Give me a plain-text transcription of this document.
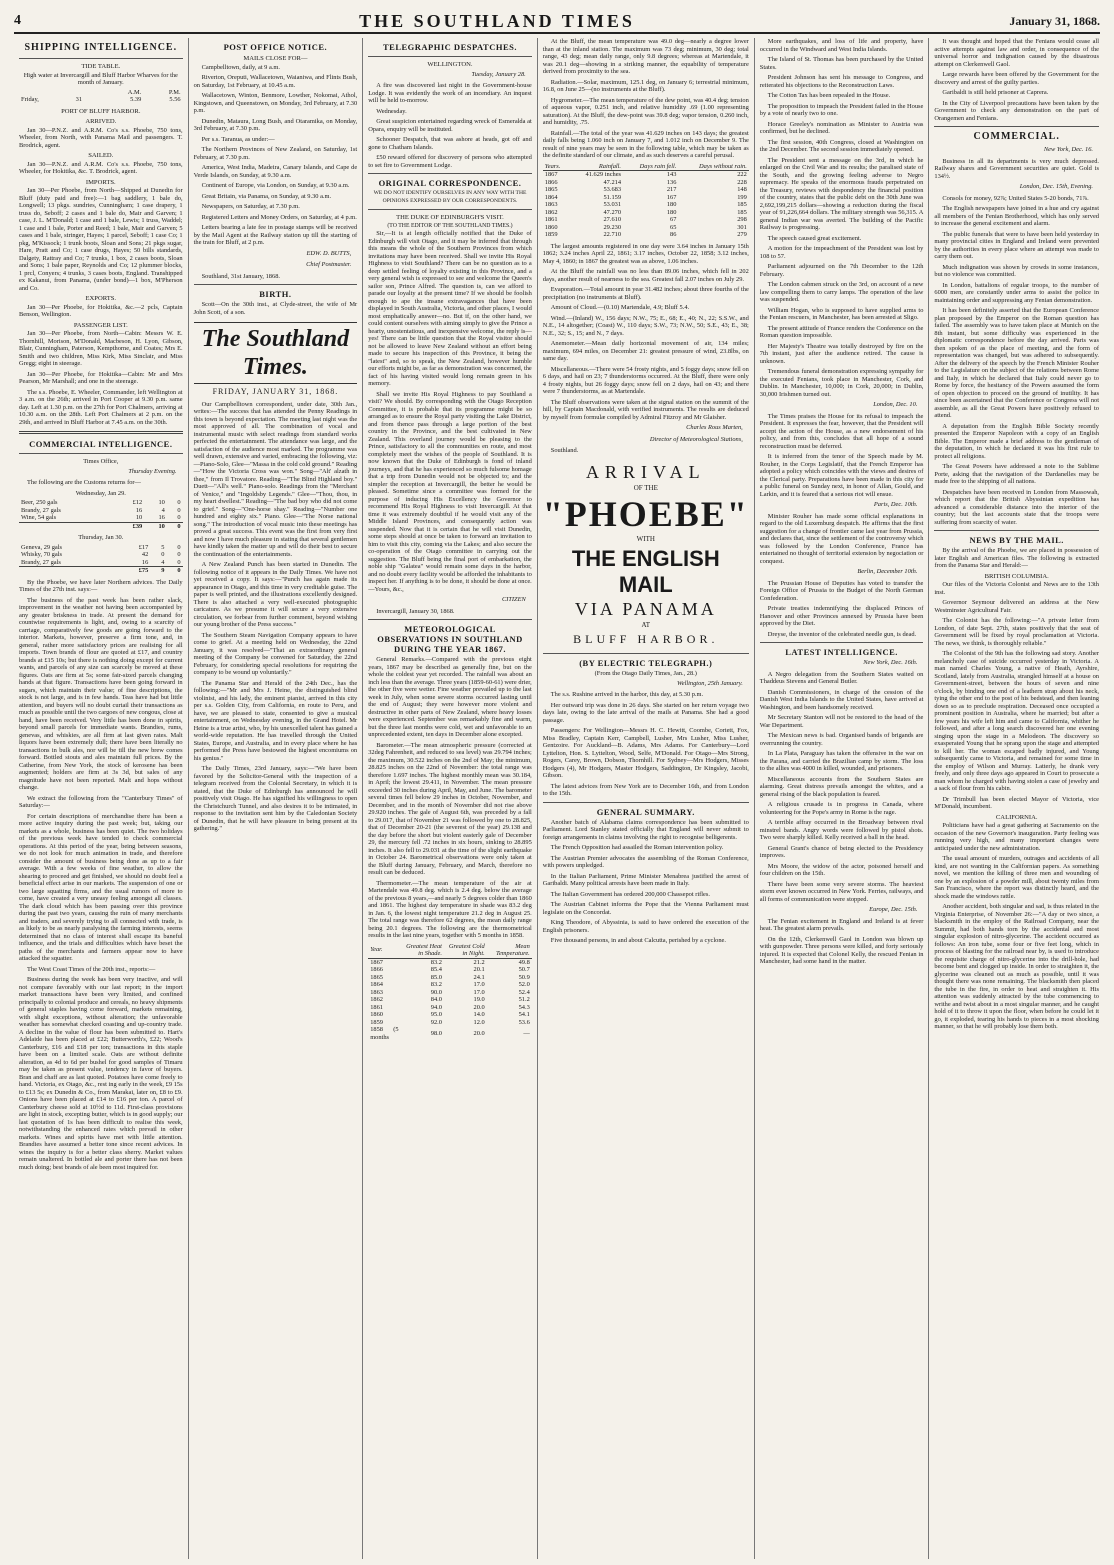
4	THE SOUTHLAND TIMES	January 31, 1868.
SHIPPING INTELLIGENCE.
TIDE TABLE.
High water at Invercargill and Bluff Harbor Wharves for the month of January.
		A.M.	P.M.
Friday,	31	5.39	5.56
PORT OF BLUFF HARBOR.
ARRIVED.

Jan 30—P.N.Z. and A.R.M. Co's s.s. Phoebe, 750 tons, Wheeler, from North, with Panama Mail and passengers. T. Brodrick, agent.

SAILED.

Jan 30—P.N.Z. and A.R.M. Co's s.s. Phoebe, 750 tons, Wheeler, for Hokitika, &c. T. Brodrick, agent.

IMPORTS.

Jan 30—Per Phoebe, from North—Shipped at Dunedin for Bluff (duty paid and free):—1 bag saddlery, 1 bale do, Longwell; 13 pkgs. sundries, Cunningham; 1 case drapery, 1 truss do, Seboff; 2 cases and 1 bale do, Mair and Garven; 1 case, J. L. M'Donald; 1 case and 1 bale, Lewis; 1 truss, Waddel; 1 case and 1 bale, Porter and Reed; 1 bale, Mair and Garven; 5 cases and 1 bale, stringer, Hayes; 1 parcel, Seboff; 1 case Co; 1 pkg, M'Kissock; 1 trunk boots, Sloan and Sons; 21 pkgs sugar, Hare, Pratt and Co; 1 case drugs, Hayes; 50 bills standards, Dalgety, Rattray and Co; 7 trunks, 1 box, 2 cases boots, Sloan and Sons; 1 bale paper, Reynolds and Co; 12 plummer blocks, 1 prcl, Conyers; 4 trunks, 3 cases boots, England. Transhipped ex Kakanui, from Panama, (under bond)—1 box, M'Pherson and Co.

EXPORTS.

Jan 30—Per Phoebe, for Hokitika, &c.—2 pcls, Captain Benson, Wellington.

PASSENGER LIST.

Jan 30—Per Phoebe, from North—Cabin: Messrs W. E. Thornhill, Morison, M'Donald, Macbeson, H. Lyon, Gibson, Blair, Cunningham, Paterson, Kempthorne, and Coates; Mrs E. Smith and two children, Miss Kirk, Miss Sinclair, and Miss Gregg; eight in steerage.

Jan 30—Per Phoebe, for Hokitika—Cabin: Mr and Mrs Pearson, Mr Marshall; and one in the steerage.

The s.s. Phoebe, E. Wheeler, Commander, left Wellington at 3 a.m. on the 26th; arrived in Port Cooper at 9.30 p.m. same day. Left at 1.30 p.m. on the 27th for Port Chalmers, arriving at 10.30 a.m. on the 28th. Left Port Chalmers at 2 p.m. on the 29th, and arrived in Bluff Harbor at 7.45 a.m. on the 30th.

COMMERCIAL INTELLIGENCE.
Times Office,
Thursday Evening.
The following are the Customs returns for—
Wednesday, Jan 29.
Beer, 250 gals	£12	10	0
Brandy, 27 gals	16	4	0
Wine, 54 gals	10	16	0
	£39	10	0
Thursday, Jan 30.
Geneva, 29 gals	£17	5	0
Whisky, 70 gals	42	0	0
Brandy, 27 gals	16	4	0
	£75	9	0

By the Phoebe, we have later Northern advices. The Daily Times of the 27th inst. says:—

The business of the past week has been rather slack, improvement in the weather not having been accompanied by any greater briskness in trade. At present the demand for countwise requirements is light, and, owing to a scarcity of carriage, comparatively few goods are going forward to the interior. Markets, however, preserve a firm tone, and, in general, rather more satisfactory prices are realising for all imports. Town brands of flour are quoted at £17, and country brands at £15 10s; but there is nothing doing except for current wants, and parcels of any size can scarcely be moved at these figures. Oats are firm at 5s; some fair-sized parcels changing hands at that figure. Transactions have been going forward in sugars, which maintain their value; of fine descriptions, the stock is not large, and is in few hands. Teas have had but little attention, and buyers will no doubt curtail their transactions as much as possible until the two cargoes of new congous, close at hand, have been received. Very little has been done in spirits, beyond small parcels for immediate wants. Brandies, rums, genevas, and whiskies, are all firm at last given rates. Malt liquors have been extremely dull; there have been literally no transactions in bulk ales, nor will be till the new brew comes forward. Bottled stouts and ales maintain full prices. By the Catherine, from New York, the stock of kerosene has been augmented; holders are firm at 3s 3d, but sales of any magnitude have not been reported. Malt and hops without change.

We extract the following from the "Canterbury Times" of Saturday:—

For certain descriptions of merchandise there has been a more active inquiry during the past week; but, taking our markets as a whole, business has been quiet. The two holidays of the previous week have tended to check commercial operations. At this period of the year, being between seasons, we do not look for much animation in trade, and therefore consider the amount of business being done as up to a fair average. With a few weeks of fine weather, to allow the shearing to proceed and get finished, we should no doubt feel a beneficial effect arise in our markets. The suspension of one or two large squatting firms, and the usual rumors of more to come, have created a very uneasy feeling amongst all classes. The dark cloud which has been passing over this province during the past two years, causing the ruin of many merchants and traders, and severely trying to all connected with trade, is as likely to be as nearly paralysing the farming interests, seems determined that no class of interest shall escape its baneful influence, and the trials and difficulties which have beset the paths of the merchants and farmers appear now to have attacked the squatter.

The West Coast Times of the 20th inst., reports:—

Business during the week has been very inactive, and will not compare favorably with our last report; in the import market transactions have been very limited, and confined principally to colonial produce and cereals, no heavy shipments of general staples having come forward, markets remaining, with slight exceptions, without alteration; the unfavorable weather has somewhat checked coasting and up-country trade. A decline in the value of flour has been submitted to. Hart's Adelaide has been placed at £22; Butterworth's, £22; Wood's Canterbury, £16 and £18 per ton; transactions in this staple have been on a limited scale. Oats are without definite alteration, as 4d to 6d per bushel for good samples of Timaru may be taken as present value, tendency in favor of buyers. Bran and chaff are as last quoted. Potatoes have come freely to hand. Victoria, ex Otago, &c., rest ing early in the week, £9 15s to £13 5s; ex Dunedin & Co., from Marakai, later on, £8 to £9. Onions have been placed at £14 to £16 per ton. A parcel of Canterbury cheese sold at 10½d to 11d. First-class provisions are light in stock, excepting butter, which is in good supply; our last quotation of 1s has been difficult to realise this week, notwithstanding the enhanced rates which prevail in other markets. Wines and spirits have met with little attention. Brandies have assumed a better tone since recent advices. In wines the inquiry is for a better class sherry. Market values remain unaltered. In bottled ale and porter there has not been much doing; best brands of ale been most inquired for.

POST OFFICE NOTICE.
MAILS CLOSE FOR—

Campbelltown, daily, at 9 a.m.

Riverton, Oreputi, Wallacetown, Waianiwa, and Flints Bush, on Saturday, 1st February, at 10.45 a.m.

Wallacetown, Winton, Benmore, Lowther, Nokomai, Athol, Kingstown, and Queenstown, on Monday, 3rd February, at 7.30 p.m.

Dunedin, Mataura, Long Bush, and Otaramika, on Monday, 3rd February, at 7.30 p.m.

Per s.s. Taranua, as under:—

The Northern Provinces of New Zealand, on Saturday, 1st February, at 7.30 p.m.

America, West India, Madeira, Canary Islands, and Cape de Verde Islands, on Sunday, at 9.30 a.m.

Continent of Europe, via London, on Sunday, at 9.30 a.m.

Great Britain, via Panama, on Sunday, at 9.30 a.m.

Newspapers, on Saturday, at 7.30 p.m.

Registered Letters and Money Orders, on Saturday, at 4 p.m.

Letters bearing a late fee in postage stamps will be received by the Mail Agent at the Railway station up till the starting of the train for Bluff, at 2 p.m.

EDW. D. BUTTS,
Chief Postmaster.
Southland, 31st January, 1868.
BIRTH.
Scott—On the 30th inst., at Clyde-street, the wife of Mr John Scott, of a son.
The Southland Times.
FRIDAY, JANUARY 31, 1868.

Our Campbelltown correspondent, under date, 30th Jan., writes:—The success that has attended the Penny Readings in this town is beyond expectation. The meeting last night was the most approved of all. The combination of vocal and instrumental music with select readings from standard works perfected the entertainment. The attendance was large, and the satisfaction of the audience most marked. The programme was well drawn, extensive and varied, embracing the following, viz:—Piano-Solo, Glee—"Massa in the cold cold ground." Reading—"How the Victoria Cross was won." Song—"Alt' alzath in thee," from Il Trovatore. Reading—"The Blind Highland boy." Duett—"All's well." Piano-solo. Readings from the "Merchant of Venice," and "Ingoldsby Legends." Glee—"Thou, thou, in my heart dwellest." Reading—"The bad boy who did not come to grief." Song—"One-horse shay." Reading—"Number one hundred and eighty six." Piano. Glee—"The Norse national song." The introduction of vocal music into these meetings has proved a great success. This event was the first from very first and now I have much pleasure in stating that several gentlemen have kindly taken the matter up and will do their best to secure the continuation of the entertainments.

A New Zealand Punch has been started in Dunedin. The following notice of it appears in the Daily Times. We have not yet received a copy. It says:—"Punch has again made its appearance in Otago, and this time in very creditable guise. The paper is well printed, and the illustrations excellently designed. There is also attached a very well-executed photographic caricature. As we presume it will secure a very extensive circulation, we forbear from further comment, beyond wishing our young brother of the Press success."

The Southern Steam Navigation Company appears to have come to grief. At a meeting held on Wednesday, the 22nd January, it was resolved—"That an extraordinary general meeting of the Company be convened for Saturday, the 22nd February, for considering special resolutions for requiring the company to be wound up voluntarily."

The Panama Star and Herald of the 24th Dec., has the following:—"Mr and Mrs J. Heine, the distinguished blind violinist, and his lady, the eminent pianist, arrived in this city per s.s. Golden City, from California, en route to Peru, and have, we are pleased to state, consented to give a musical entertainment, on Wednesday evening, in the Grand Hotel. Mr Heine is a true artist, who, by his unexcelled talent has gained a world-wide reputation. He has travelled through the United States, Europe, and Australia, and in every place where he has performed the Press have bestowed the highest encomiums on his genius."

The Daily Times, 23rd January, says:—"We have been favored by the Solicitor-General with the inspection of a telegram received from the Colonial Secretary, in which it is stated, that the Duke of Edinburgh has announced he will positively visit Otago. He has signified his willingness to open the Christchurch Tunnel, and also desires it to be intimated, in response to the invitation sent him by the Caledonian Society of Dunedin, that he will have pleasure in being present at its gathering."

TELEGRAPHIC DESPATCHES.
WELLINGTON.
Tuesday, January 28.

A fire was discovered last night in the Government-house Lodge. It was evidently the work of an incendiary. An inquest will be held to-morrow.

Wednesday.

Great suspicion entertained regarding wreck of Esmeralda at Opara, enquiry will be instituted.

Schooner Despatch, that was ashore at heads, got off and gone to Chatham Islands.

£50 reward offered for discovery of persons who attempted to set fire to Government Lodge.

ORIGINAL CORRESPONDENCE.
WE DO NOT IDENTIFY OURSELVES IN ANY WAY WITH THE OPINIONS EXPRESSED BY OUR CORRESPONDENTS.
THE DUKE OF EDINBURGH'S VISIT.
(TO THE EDITOR OF THE SOUTHLAND TIMES.)

Sir,—It is at length officially notified that the Duke of Edinburgh will visit Otago, and it may be inferred that through this means the whole of the Southern Provinces from which invitations may have been received. Shall we invite His Royal Highness to visit Southland? There can be no question as to a deep settled feeling of loyalty existing in this Province, and a very general wish is expressed to see and welcome the Queen's sailor son, Prince Alfred. The question is, can we afford to parade our loyalty at the present time? If we should be foolish enough to ape the insane extravagances that have been displayed in South Australia, Victoria, and other places, I would most emphatically answer—no. But if, on the other hand, we could content ourselves with aiming simply to give the Prince a hearty, unostentatious, and inexpensive welcome, the reply is—yes! There can be little question that the Royal visitor should not be allowed to leave New Zealand without an effort being made to secure his inspection of this Province, it being the "latest" and, so to speak, the New Zealand, however humble our efforts might be, as far as demonstration was concerned, the fact of his having visited would long remain green in his memory.

Shall we invite His Royal Highness to pay Southland a visit? We should. By corresponding with the Otago Reception Committee, it is probable that its programme might be so arranged as to ensure the Royal party visiting the Lake District, and from thence pass through a large portion of the best country in the Province, and the best cultivated in New Zealand. This overland journey would be pleasing to the Prince, satisfactory to all the communities en route, and most completely meet the wishes of the people of Southland. It is now known that the Duke of Edinburgh is fond of inland journeys, and that he has experienced so much fulsome homage that a trip from Dunedin would not be objected to; and the simpler the reception at Invercargill, the better he would be pleased. Sometime since a committee was formed for the purpose of inducing His Excellency the Governor to recommend His Royal Highness to visit Invercargill. At that time it was extremely doubtful if he would visit any of the Middle Island Provinces, and consequently action was suspended. Now that it is certain that he will visit Dunedin, some steps should at once be taken to forward an invitation to him to visit this city, coming via the Lakes; and also secure the co-operation of the Otago committee in carrying out the suggestion. The Bluff being the final port of embarkation, the noble ship "Galatea" would remain some days in the harbor, and no doubt every facility would be afforded the inhabitants to inspect her. If anything is to be done, it should be done at once.—Yours, &c.,

CITIZEN
Invercargill, January 30, 1868.
METEOROLOGICAL OBSERVATIONS IN SOUTHLAND DURING THE YEAR 1867.

General Remarks.—Compared with the previous eight years, 1867 may be described as generally fine, but on the whole the coldest year yet recorded. The rainfall was about an inch less than the average. Three years (1859-60-61) were drier, the other five were wetter. Fine weather prevailed up to the last week in July, when some severe storms occurred lasting until the end of August; they were however more violent and destructive in other parts of New Zealand, where heavy losses were experienced. September was remarkably fine and warm, but the three last months were cold, wet and unfavorable to an unprecedented extent, ten days in December alone excepted.

Barometer.—The mean atmospheric pressure (corrected at 32deg Fahrenheit, and reduced to sea level) was 29.794 inches; the maximum, 30.522 inches on the 2nd of May; the minimum, 28.825 inches on the 22nd of November: the total range was therefore 1.697 inches. The highest monthly mean was 30.184, in April; the lowest 29.411, in November. The mean pressure exceeded 30 inches during April, May, and June. The barometer several times fell below 29 inches in October, November, and December, and in the month of November did not rise above 29.920 inches. The gale of August 6th, was preceded by a fall to 29.017, that of November 21 was followed by one to 28.825, that of December 20-21 (the severest of the year) 29.138 and the day before the short but violent easterly gale of December 29, the mercury fell .72 inches in six hours, sinking to 28.895 inches. It also fell to 29.031 at the time of the slight earthquake in October 24. Barometrical observations were only taken at the Bluff during January, February, and March, therefore no result can be deduced.

Thermometer.—The mean temperature of the air at Martendale was 49.8 deg. which is 2.4 deg. below the average of the previous 8 years,—and nearly 5 degrees colder than 1860 and 1861. The highest day temperature in shade was 83.2 deg in Jan. 6, the lowest night temperature 21.2 deg in August 25. The total range was therefore 62 degrees, the mean daily range being 20.1 degrees. The following are the thermometrical results in the last nine years, together with 5 months in 1858.

Year.	Greatest Heat in Shade.	Greatest Cold in Night.	Mean Temperature.
1867	83.2	21.2	49.8
1866	85.4	20.1	50.7
1865	85.0	24.1	50.9
1864	83.2	17.0	52.0
1863	90.0	17.0	52.4
1862	84.0	19.0	51.2
1861	94.0	20.0	54.3
1860	95.0	14.0	54.1
1859	92.0	12.0	53.6
1858 (5 months	98.0	20.0	—

At the Bluff, the mean temperature was 49.0 deg—nearly a degree lower than at the inland station. The maximum was 73 deg; minimum, 30 deg; total range, 43 deg; mean daily range, only 9.8 degrees; whereas at Martendale, it was 20.1 deg—showing in a striking manner, the equability of temperature derived from proximity to the sea.

Radiation.—Solar, maximum, 125.1 deg, on January 6; terrestrial minimum, 16.8, on June 25—(no instruments at the Bluff).

Hygrometer.—The mean temperature of the dew point, was 40.4 deg; tension of aqueous vapor, 0.251 inch, and relative humidity .69 (1.00 representing saturation). At the Bluff, the dew-point was 39.8 deg; vapor tension, 0.260 inch, and humidity, .75.

Rainfall.—The total of the year was 41.629 inches on 143 days; the greatest daily falls being 1.060 inch on January 7, and 1.012 inch on December 9. The result of nine years may be seen in the following table, which may be taken as the definite standard of our climate, and as such deserves a careful perusal.

Years.	Rainfall.	Days rain fell.	Days without rain.
1867	41.629 inches	143	222
1866	47.214	136	228
1865	53.683	217	148
1864	51.159	167	199
1863	53.031	180	185
1862	47.270	180	185
1861	27.610	67	298
1860	29.230	65	301
1859	22.710	86	279

The largest amounts registered in one day were 3.64 inches in January 15th 1862; 3.24 inches April 22, 1861; 3.17 inches, October 22, 1858; 3.12 inches, May 4, 1860; in 1867 the greatest was as above, 1.06 inches.

At the Bluff the rainfall was no less than 89.06 inches, which fell in 202 days, another result of nearness to the sea. Greatest fall 2.07 inches on July 29.

Evaporation.—Total amount in year 31.482 inches; about three fourths of the precipitation (no instruments at Bluff).

Amount of Cloud.—(0.10) Martendale, 4.9; Bluff 5.4.

Wind.—(Inland) W., 156 days; N.W., 75; E., 68; E., 40; N., 22; S.S.W., and N.E., 14 altogether; (Coast) W., 110 days; S.W., 73; N.W., 50; S.E., 43; E., 38; N.E., 32; S., 15; and N., 7 days.

Anemometer.—Mean daily horizontal movement of air, 134 miles; maximum, 694 miles, on December 21: greatest pressure of wind, 23.8lbs, on same day.

Miscellaneous.—There were 54 frosty nights, and 5 foggy days; snow fell on 6 days, and hail on 23; 7 thunderstorms occurred. At the Bluff, there were only 4 frosty nights, but 26 foggy days; snow fell on 2 days, hail on 43; and there were 7 thunderstorms, as at Martendale.

The Bluff observations were taken at the signal station on the summit of the hill, by Captain Macdonald, with verified instruments. The results are deduced by myself from formulæ compiled by Admiral Fitzroy and Mr Glaisher.

Charles Rous Marten,
Director of Meteorological Stations,
Southland.
ARRIVAL
OF THE
"PHOEBE"
WITH
THE ENGLISH MAIL
VIA PANAMA
AT
BLUFF HARBOR.
(BY ELECTRIC TELEGRAPH.)
(From the Otago Daily Times, Jan., 28.)
Wellington, 25th January.

The s.s. Rushine arrived in the harbor, this day, at 5.30 p.m.

Her outward trip was done in 26 days. She started on her return voyage two days late, owing to the late arrival of the mails at Panama. She had a good passage.

Passengers: For Wellington—Messrs H. C. Hewitt, Coombe, Cortett, Fox, Miss Bradley, Captain Kerr, Campbell, Lusher, Mrs Lusher, Miss Lusher, Gentzoire. For Auckland—B. Adams, Mrs Adams. For Canterbury—Lord Lyttelton, Hon. S. Lyttelton, Wood, Selfe, M'Donald. For Otago—Mrs Strong, Rogers, Carey, Brown, Dobson, Thornhill. For Sydney—Mrs Hodgers, Misses Hodgers (4), Mr Hodgers, Master Hodgers, Saddington, Dr Kingsley, Jacobi, Gibson.

The latest advices from New York are to December 16th, and from London to the 15th.

GENERAL SUMMARY.

Another batch of Alabama claims correspondence has been submitted to Parliament. Lord Stanley stated officially that England will never submit to foreign arrangements in claims involving the right to recognise belligerents.

The French Opposition had assailed the Roman intervention policy.

The Austrian Premier advocates the assembling of the Roman Conference, with powers unpledged.

In the Italian Parliament, Prime Minister Menabrea justified the arrest of Garibaldi. Many political arrests have been made in Italy.

The Italian Government has ordered 200,000 Chassepot rifles.

The Austrian Cabinet informs the Pope that the Vienna Parliament must legislate on the Concordat.

King Theodore, of Abyssinia, is said to have ordered the execution of the English prisoners.

Five thousand persons, in and about Calcutta, perished by a cyclone.

More earthquakes, and loss of life and property, have occurred in the Windward and West India Islands.

The Island of St. Thomas has been purchased by the United States.

President Johnson has sent his message to Congress, and reiterated his objections to the Reconstruction Laws.

The Cotton Tax has been repealed in the House.

The proposition to impeach the President failed in the House by a vote of nearly two to one.

Horace Greeley's nomination as Minister to Austria was confirmed, but he declined.

The first session, 40th Congress, closed at Washington on the 2nd December. The second session immediately opened.

The President sent a message on the 3rd, in which he enlarged on the Civil War and its results; the paralised state of the South, and the growing feeling adverse to Negro supremacy. He speaks of the enormous frauds perpetrated on the Treasury, reviews with despondency the financial position of the country, states that the public debt on the 30th June was 2,692,199,215 dollars—showing a reduction during the fiscal year of 91,226,664 dollars. The military strength was 56,315. A general Indian war was averted. The building of the Pacific Railway is progressing.

The speech caused great excitement.

A motion for the impeachment of the President was lost by 108 to 57.

Parliament adjourned on the 7th December to the 12th February.

The London cabmen struck on the 3rd, on account of a new law compelling them to carry lamps. The operation of the law was suspended.

William Hogan, who is supposed to have supplied arms to the Fenian rescuers, in Manchester, has been arrested at Sligo.

The present attitude of France renders the Conference on the Roman question impossible.

Her Majesty's Theatre was totally destroyed by fire on the 7th instant, just after the audience retired. The cause is unknown.

Tremendous funeral demonstration expressing sympathy for the executed Fenians, took place in Manchester, Cork, and Dublin. In Manchester, 10,000; in Cork, 20,000; in Dublin, 30,000 Irishmen turned out.

London, Dec. 10.

The Times praises the House for its refusal to impeach the President. It expresses the fear, however, that the President will accept the action of the House, as a new endorsement of his policy, and from this, concludes that all hope of a sound reconstruction must be deferred.

It is inferred from the tenor of the Speech made by M. Rouher, in the Corps Legislatif, that the French Emperor has adopted a policy which coincides with the views and desires of the Clerical party. Preparations have been made in this city for a public funeral on Sunday next, in honor of Allan, Gould, and Larkin, and it is feared that a serious riot will ensue.

Paris, Dec. 10th.

Minister Rouher has made some official explanations in regard to the old Luxemburg despatch. He affirms that the first suggestion for a change of frontier came last year from Prussia, and declares that, since the settlement of the controversy which was followed by the London Conference, France has entertained no thought of territorial extension by negociation or conquest.

Berlin, December 10th.

The Prussian House of Deputies has voted to transfer the Foreign Office of Prussia to the Budget of the North German Confederation.

Private treaties indemnifying the displaced Princes of Hanover and other Provinces annexed by Prussia have been approved by the Diet.

Dreyse, the inventor of the celebrated needle gun, is dead.

LATEST INTELLIGENCE.
New York, Dec. 16th.

A Negro delegation from the Southern States waited on Thaddeus Stevens and General Butler.

Danish Commissioners, in charge of the cession of the Danish West India Islands to the United States, have arrived at Washington, and been handsomely received.

Mr Secretary Stanton will not be restored to the head of the War Department.

The Mexican news is bad. Organised bands of brigands are overrunning the country.

In La Plata, Paraguay has taken the offensive in the war on the Parana, and carried the Brazilian camp by storm. The loss to the allies was 4000 in killed, wounded, and prisoners.

Miscellaneous accounts from the Southern States are alarming. Great distress prevails amongst the whites, and a general rising of the black population is feared.

A religious crusade is in progress in Canada, where volunteering for the Pope's army in Rome is the rage.

A terrible affray occurred in the Broadway between rival minstrel bands. Angry words were followed by pistol shots. Two were sharply killed. Kelly received a ball in the head.

General Grant's chance of being elected to the Presidency improves.

Mrs Moore, the widow of the actor, poisoned herself and four children on the 15th.

There have been some very severe storms. The heaviest storm ever known occurred in New York. Ferries, railways, and all forms of communication were stopped.

Europe, Dec. 15th.

The Fenian excitement in England and Ireland is at fever heat. The greatest alarm prevails.

On the 12th, Clerkenwell Gaol in London was blown up with gunpowder. Three persons were killed, and forty seriously injured. It is expected that Colonel Kelly, the rescued Fenian in Manchester, had some hand in the matter.

It was thought and hoped that the Fenians would cease all active attempts against law and order, in consequence of the universal horror and indignation caused by the disastrous attempt on Clerkenwell Gaol.

Large rewards have been offered by the Government for the discovery and arrest of the guilty parties.

Garibaldi is still held prisoner at Caprera.

In the City of Liverpool precautions have been taken by the Government to check any demonstration on the part of Orangemen and Fenians.

COMMERCIAL.
New York, Dec. 16.

Business in all its departments is very much depressed. Railway shares and Government securities are quiet. Gold is 134½.

London, Dec. 15th, Evening.

Consols for money, 92⅞; United States 5-20 bonds, 71⅞.

The English newspapers have joined in a hue and cry against all members of the Fenian Brotherhood, which has only served to increase the general excitement and alarm.

The public funerals that were to have been held yesterday in many provincial cities in England and Ireland were prevented by the authorities in every place where an attempt was made to carry them out.

Much indignation was shown by crowds in some instances, but no violence was committed.

In London, battalions of regular troops, to the number of 6000 men, are constantly under arms to assist the police in maintaining order and suppressing any Fenian demonstration.

It has been definitely asserted that the European Conference plan proposed by the Emperor on the Roman question has failed. The assembly was to have taken place at Munich on the 8th instant, but some difficulty was experienced in the diplomatic correspondence before the day arrived. Paris was then spoken of as the place of meeting, and the form of representation was changed, but was adhered to subsequently. After the delivery of the speech by the French Minister Rouher to the Legislature on the subject of the relations between Rome and Italy, in which he declared that Italy could never go to Rome by force, the hesitancy of the Powers assumed the form of open objection to proceed on the ground of inutility. It has since been ascertained that the Conference or Congress will not assemble, as all the Great Powers have positively refused to attend.

A deputation from the English Bible Society recently presented the Emperor Napoleon with a copy of an English Bible. The Emperor made a brief address to the gentleman of the deputation, in which he declared it was his first rule to protect all religions.

The Great Powers have addressed a note to the Sublime Porte, asking that the navigation of the Dardanelles may be made free to the shipping of all nations.

Despatches have been received in London from Massowah, which report that the British Abyssinian expedition has advanced a considerable distance into the interior of the country; but the last accounts state that the troops were suffering from scarcity of water.

NEWS BY THE MAIL.
By the arrival of the Phoebe, we are placed in possession of later English and American files. The following is extracted from the Panama Star and Herald:—
BRITISH COLUMBIA.

Our files of the Victoria Colonist and News are to the 13th inst.

Governor Seymour delivered an address at the New Westminster Agricultural Fair.

The Colonist has the following:—"A private letter from London, of date Sept. 27th, states positively that the seat of Government will be fixed by royal proclamation at Victoria. The news, we think, is thoroughly reliable."

The Colonist of the 9th has the following sad story. Another melancholy case of suicide occurred yesterday in Victoria. A man named Charles Young, a native of Heath, Ayrshire, Scotland, lately from Australia, strangled himself at a house on Government-street, between the hours of seven and nine o'clock, by binding one end of a leathern strap about his neck, tying the other end to the post of his bedstead, and then leaning down so as to preclude respiration. Deceased once occupied a prominent position in Australia, where he married; but after a few years his wife left him and came to California, whither he followed, and after a long search discovered her one evening singing upon the stage in a Melodeon. The discovery so exasperated Young that he sprang upon the stage and attempted to kill her. The woman escaped badly injured, and Young subsequently came to Victoria, and remained for some time in the employ of Wilson and Murray. Latterly, he drank very freely, and only three days ago appeared in Court to prosecute a man whom he charged with having stolen a case of jewelry and a sack of flour from his cabin.

Dr Trimbull has been elected Mayor of Victoria, vice M'Donald, incumbent.

CALIFORNIA.

Politicians have had a great gathering at Sacramento on the occasion of the new Governor's inauguration. Party feeling was running very high, and many important changes were anticipated under the new administration.

The usual amount of murders, outrages and accidents of all kind, are not wanting in the Californian papers. As something novel, we mention the killing of three men and wounding of one by an explosion of a powder mill, about twenty miles from San Francisco, where the report was distinctly heard, and the shock made the windows rattle.

Another accident, both singular and sad, is thus related in the Virginia Enterprise, of November 26:—"A day or two since, a blacksmith in the employ of the Railroad Company, near the Summit, had both hands torn by the accidental and most singular explosion of nitro-glycerine. The accident occurred as follows: An iron tube, some four or five feet long, which in process of blasting for the railroad near by, is used to introduce the requisite charge of nitro-glycerine into the drill-hole, had become bent and clogged up inside. In order to straighten it, the glycerine was cleaned out as much as possible, until it was thought there was none remaining. The blacksmith then placed the tube in the fire, in order to heat and straighten it. His attention was suddenly attracted by the tube commencing to writhe and twist about in a most singular manner, and he caught hold of it to throw it upon the floor, when before he could let it go, it exploded, tearing his hands to pieces in a most shocking manner, so that he will probably lose them both.
